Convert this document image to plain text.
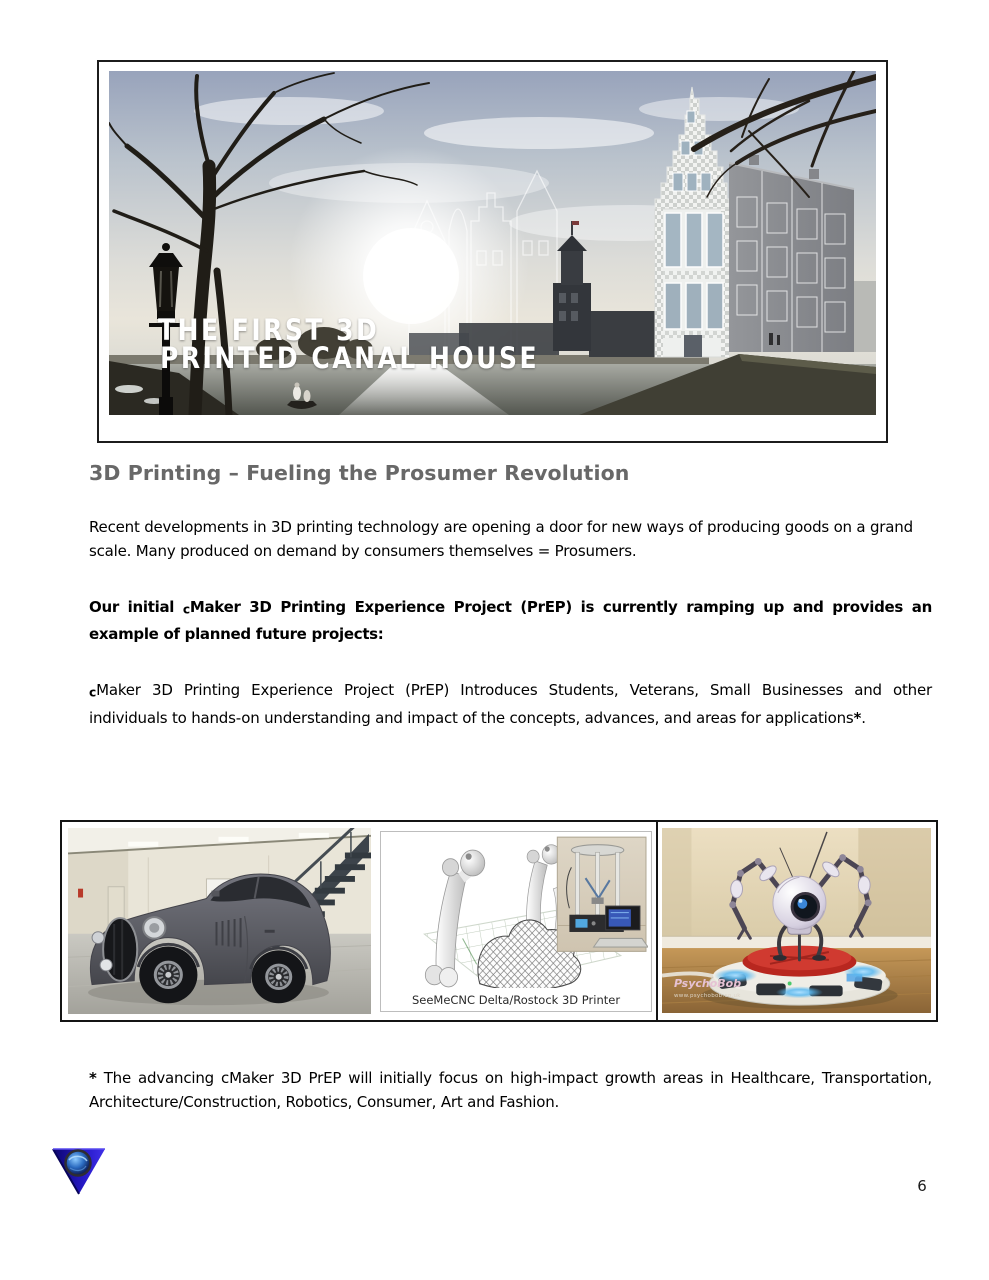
THE FIRST 3D
PRINTED CANAL HOUSE
3D Printing – Fueling the Prosumer Revolution

Recent developments in 3D printing technology are opening a door for new ways of producing goods on a grand scale. Many produced on demand by consumers themselves = Prosumers.

Our initial cMaker 3D Printing Experience Project (PrEP) is currently ramping up and provides an example of planned future projects:

cMaker 3D Printing Experience Project (PrEP) Introduces Students, Veterans, Small Businesses and other individuals to hands-on understanding and impact of the concepts, advances, and areas for applications*.

SeeMeCNC Delta/Rostock 3D Printer
PsychoBob
www.psychobob.co.uk

* The advancing cMaker 3D PrEP will initially focus on high-impact growth areas in Healthcare, Transportation, Architecture/Construction, Robotics, Consumer, Art and Fashion.

6
